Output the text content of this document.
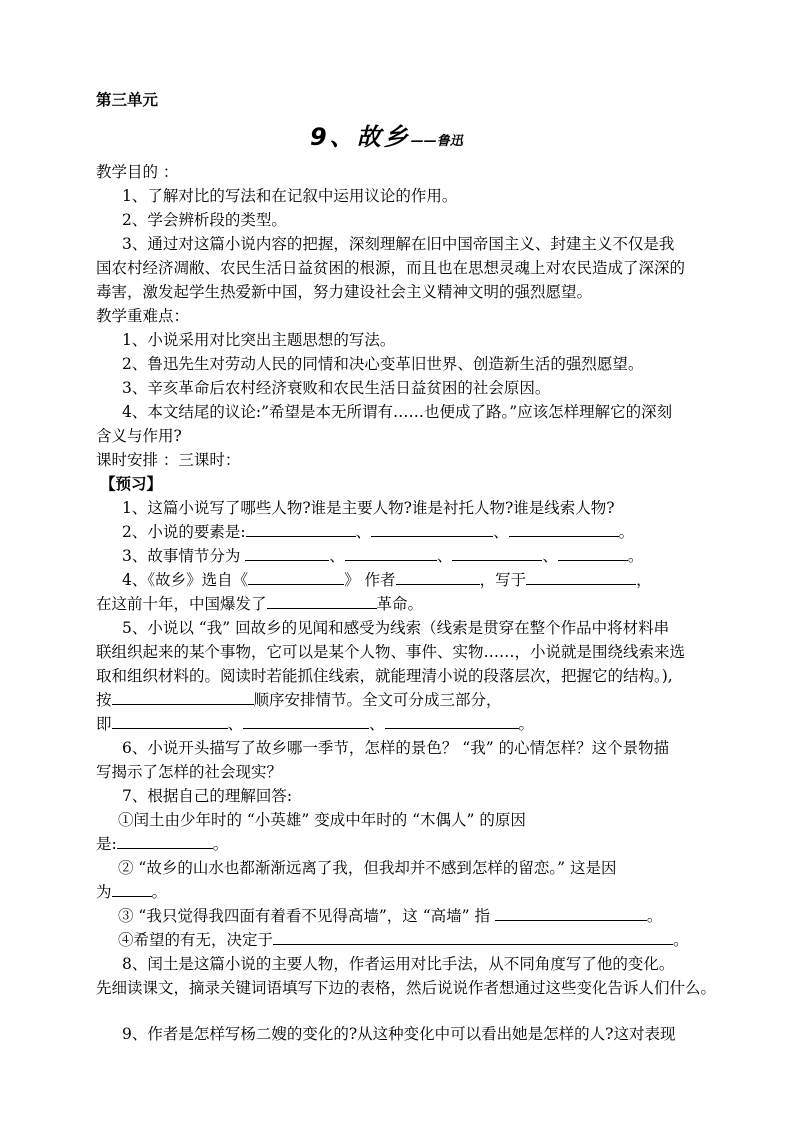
第三单元
9、故乡——鲁迅
教学目的 ：
1、了解对比的写法和在记叙中运用议论的作用。
2、学会辨析段的类型。
3、通过对这篇小说内容的把握，深刻理解在旧中国帝国主义、封建主义不仅是我
国农村经济凋敝、农民生活日益贫困的根源，而且也在思想灵魂上对农民造成了深深的
毒害，激发起学生热爱新中国，努力建设社会主义精神文明的强烈愿望。
教学重难点：
1、小说采用对比突出主题思想的写法。
2、鲁迅先生对劳动人民的同情和决心变革旧世界、创造新生活的强烈愿望。
3、辛亥革命后农村经济衰败和农民生活日益贫困的社会原因。
4、本文结尾的议论:”希望是本无所谓有……也便成了路。”应该怎样理解它的深刻
含义与作用?
课时安排 ：三课时：
【预习】
1、这篇小说写了哪些人物?谁是主要人物?谁是衬托人物?谁是线索人物?
2、小说的要素是:	、	、	。
3、故事情节分为	、	、	、	。
4、《故乡》选自《	》 作者	，写于	，
在这前十年，中国爆发了	革命。
5、小说以 “我” 回故乡的见闻和感受为线索（线索是贯穿在整个作品中将材料串
联组织起来的某个事物，它可以是某个人物、事件、实物……，小说就是围绕线索来选
取和组织材料的。阅读时若能抓住线索，就能理清小说的段落层次，把握它的结构。),
按	顺序安排情节。全文可分成三部分，
即	、	、	。
6、小说开头描写了故乡哪一季节，怎样的景色？ “我” 的心情怎样？这个景物描
写揭示了怎样的社会现实？
7、根据自己的理解回答:
①闰土由少年时的 “小英雄” 变成中年时的 “木偶人” 的原因
是:	。
② “故乡的山水也都渐渐远离了我，但我却并不感到怎样的留恋。” 这是因
为	。
③ “我只觉得我四面有着看不见得高墙”，这 “高墙” 指	。
④希望的有无，决定于	。
8、闰土是这篇小说的主要人物，作者运用对比手法，从不同角度写了他的变化。
先细读课文，摘录关键词语填写下边的表格，然后说说作者想通过这些变化告诉人们什么。
9、作者是怎样写杨二嫂的变化的?从这种变化中可以看出她是怎样的人?这对表现
